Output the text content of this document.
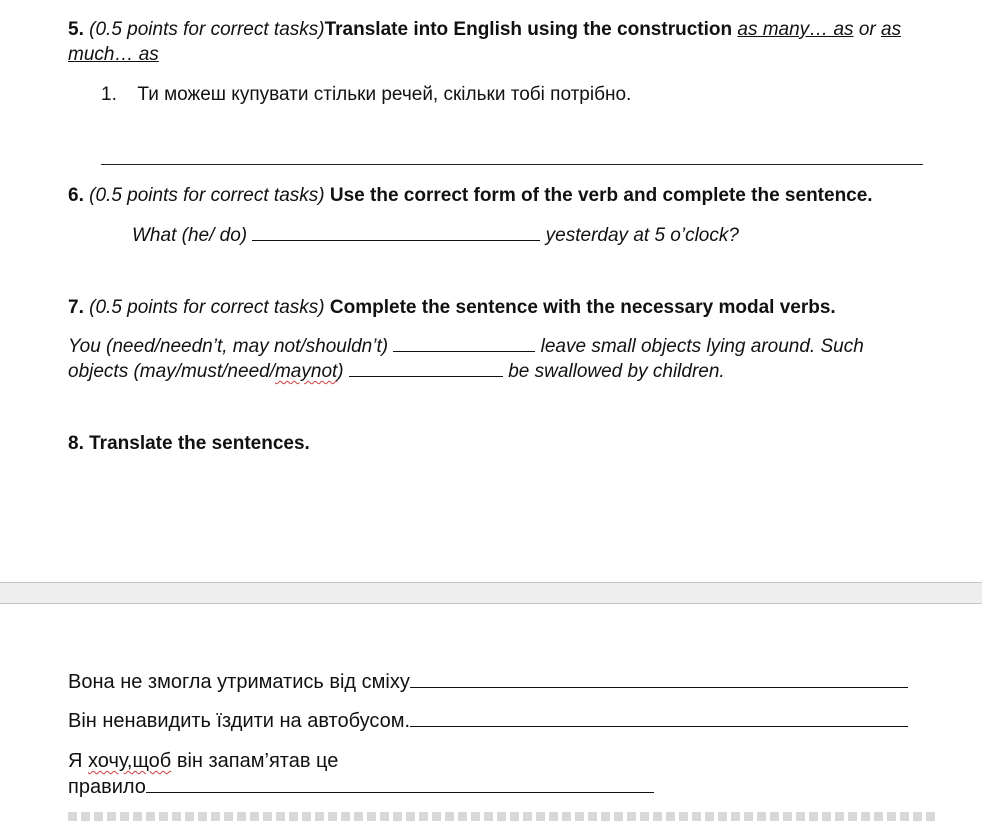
5. (0.5 points for correct tasks)Translate into English using the construction as many… as or as
much… as
1. Ти можеш купувати стільки речей, скільки тобі потрібно.
6. (0.5 points for correct tasks) Use the correct form of the verb and complete the sentence.
What (he/ do)	yesterday at 5 o’clock?
7. (0.5 points for correct tasks) Complete the sentence with the necessary modal verbs.
You (need/needn’t, may not/shouldn’t)	leave small objects lying around. Such
objects (may/must/need/maynot)	be swallowed by children.
8. Translate the sentences.
Вона не змогла утриматись від сміху
Він ненавидить їздити на автобусом.
Я хочу,щоб він запам’ятав це
правило
